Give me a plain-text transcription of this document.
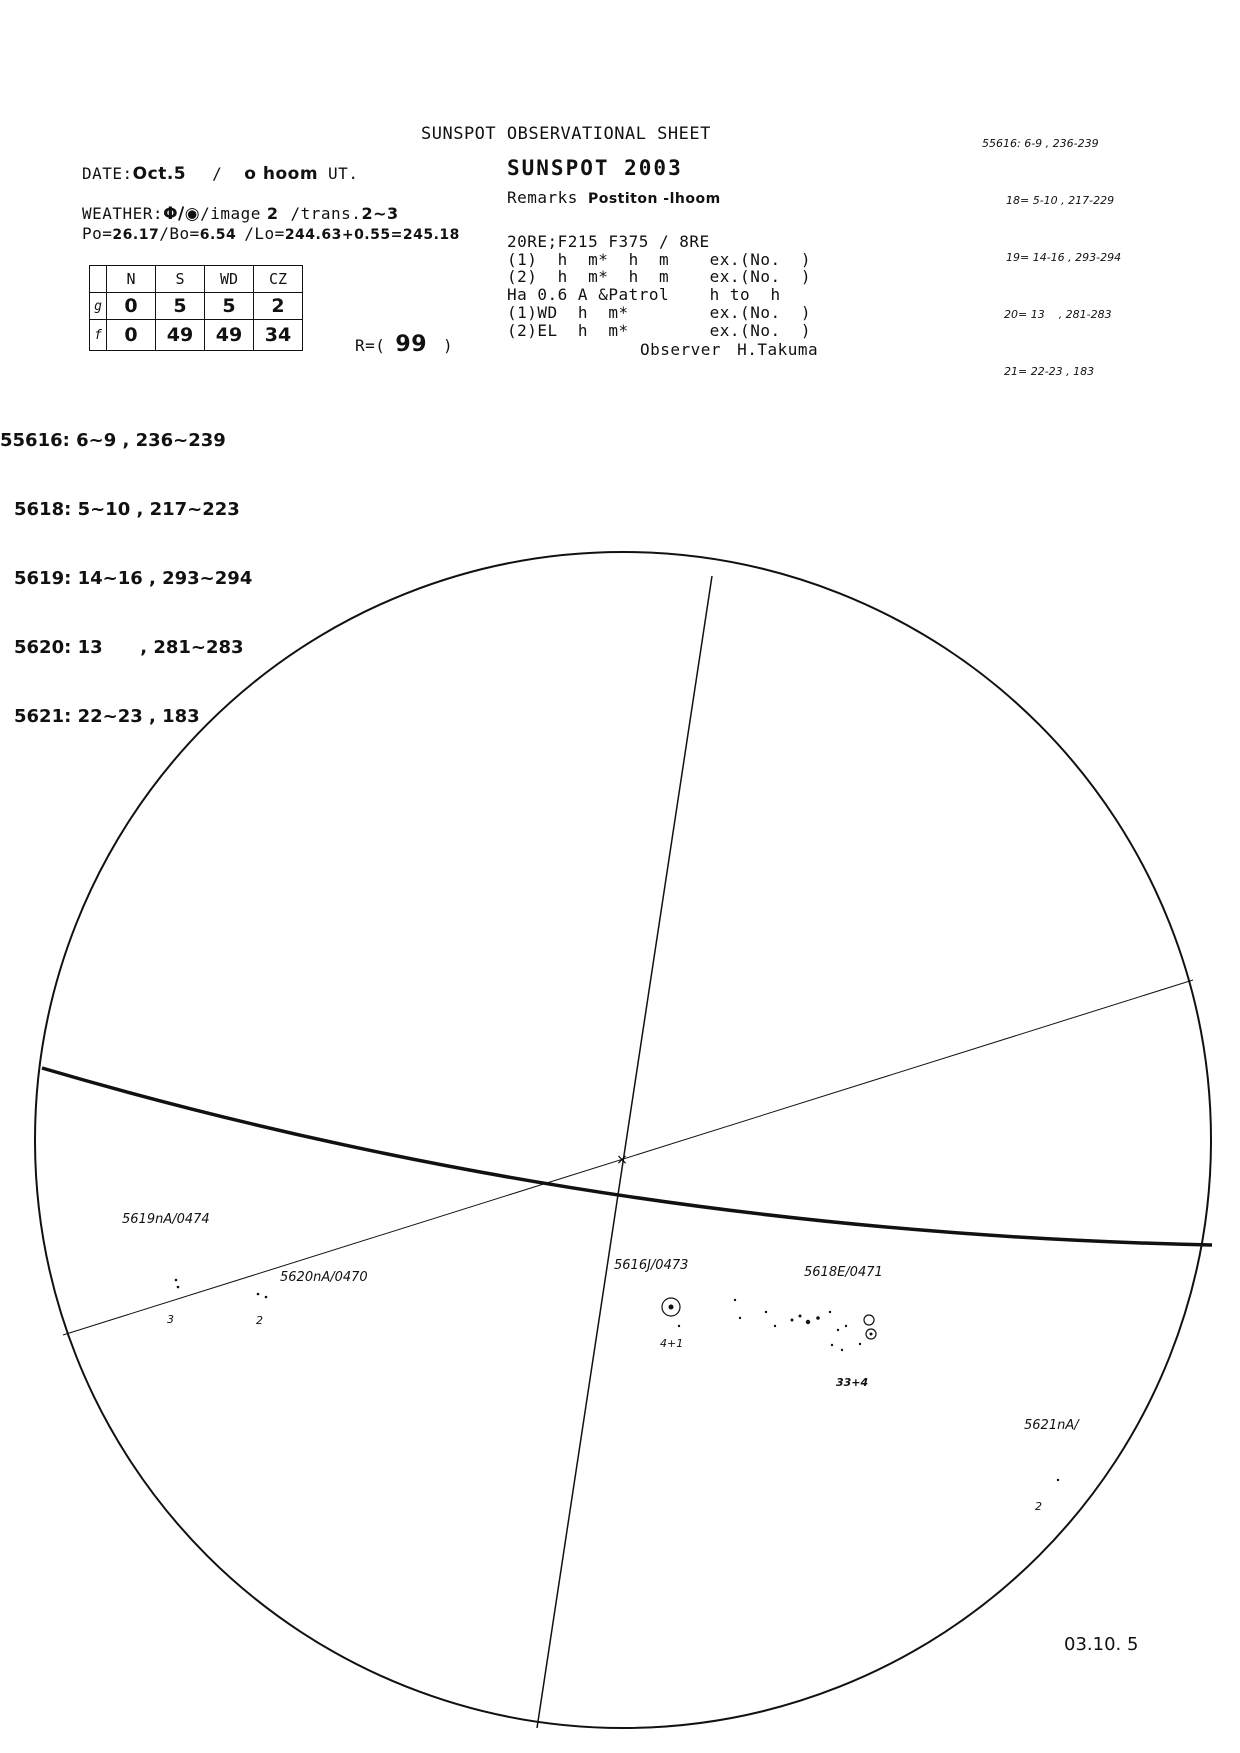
SUNSPOT OBSERVATIONAL SHEET
SUNSPOT 2003
DATE:Oct.5 / o hoom UT.
WEATHER:Φ/◉/image 2 /trans.2~3
Po=26.17/Bo=6.54 /Lo=244.63+0.55=245.18
Remarks Postiton -lhoom
20RE;F215 F375 / 8RE
(1)  h  m*  h  m    ex.(No.  )
(2)  h  m*  h  m    ex.(No.  )
Ha 0.6 A &Patrol    h to  h
(1)WD  h  m*        ex.(No.  )
(2)EL  h  m*        ex.(No.  )
Observer H.Takuma
	N	S	WD	CZ
g	0	5	5	2
f	0	49	49	34	R=( 99 )

55616: 6~9 , 236~239

5618: 5~10 , 217~223

5619: 14~16 , 293~294

5620: 13      , 281~283

5621: 22~23 , 183

55616: 6-9 , 236-239

18= 5-10 , 217-229

19= 14-16 , 293-294

20= 13    , 281-283

21= 22-23 , 183

×
5619nA/0474
3
5620nA/0470
2
5616J/0473
4+1
5618E/0471
33+4
5621nA/
2
03.10. 5
